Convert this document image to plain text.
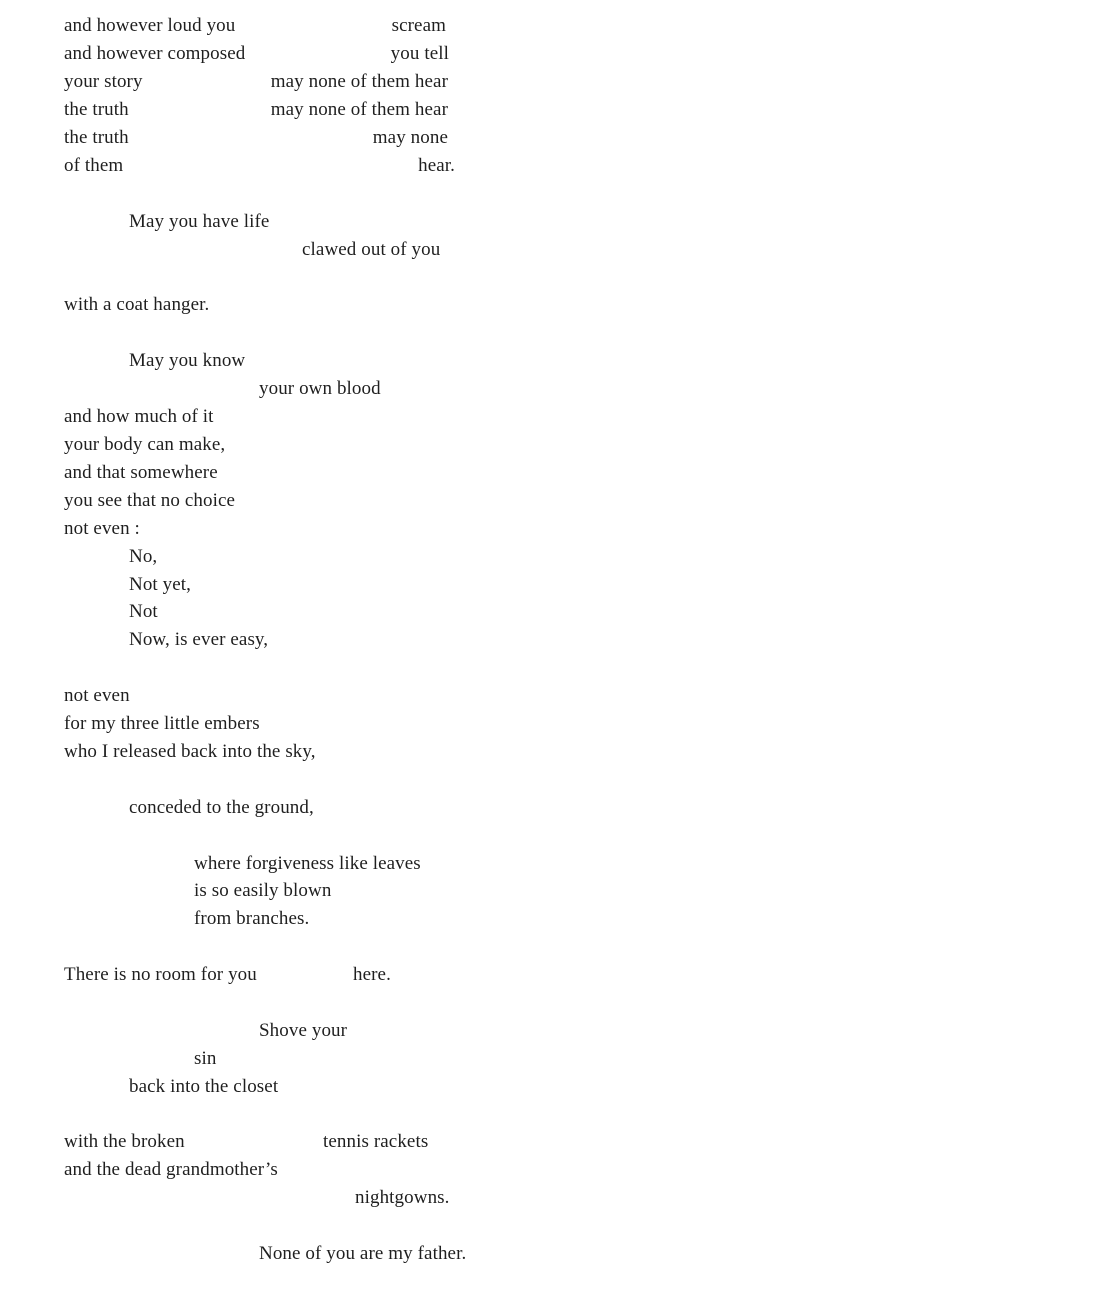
and however loud you

	scream

and however composed

	you tell

your story

	may none of them hear

the truth

	may none of them hear

the truth

	may none

of them

	hear.

May you have life
clawed out of you
with a coat hanger.
May you know
your own blood
and how much of it
your body can make,
and that somewhere
you see that no choice
not even :
No,
Not yet,
Not
Now, is ever easy,
not even
for my three little embers
who I released back into the sky,
conceded to the ground,
where forgiveness like leaves
is so easily blown
from branches.

There is no room for you

	here.

Shove your
sin
back into the closet

with the broken

	tennis rackets

and the dead grandmother’s
nightgowns.
None of you are my father.
